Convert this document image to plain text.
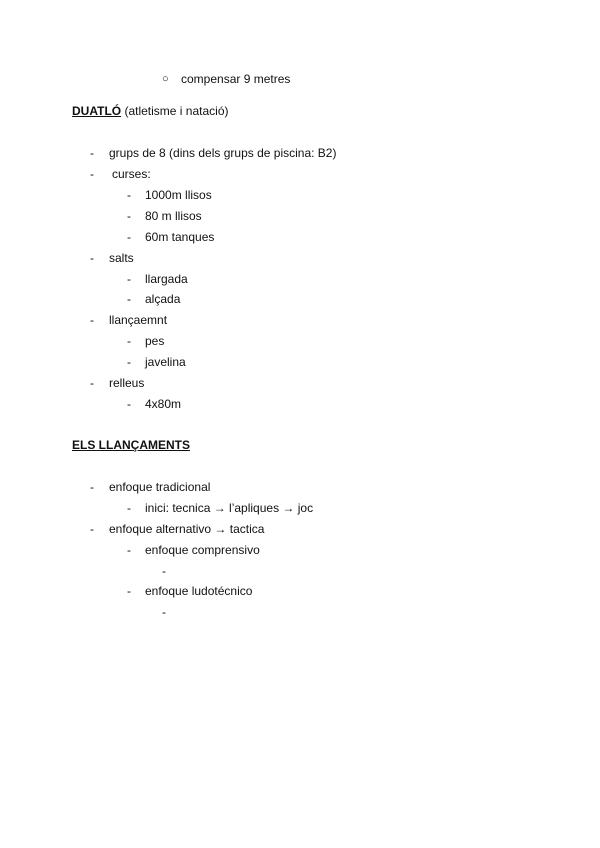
○ compensar 9 metres
DUATLÓ (atletisme i natació)
- grups de 8 (dins dels grups de piscina: B2)
- curses:
- 1000m llisos
- 80 m llisos
- 60m tanques
- salts
- llargada
- alçada
- llançaemnt
- pes
- javelina
- relleus
- 4x80m
ELS LLANÇAMENTS
- enfoque tradicional
- inici: tecnica → l’apliques → joc
- enfoque alternativo → tactica
- enfoque comprensivo
-
- enfoque ludotécnico
-
